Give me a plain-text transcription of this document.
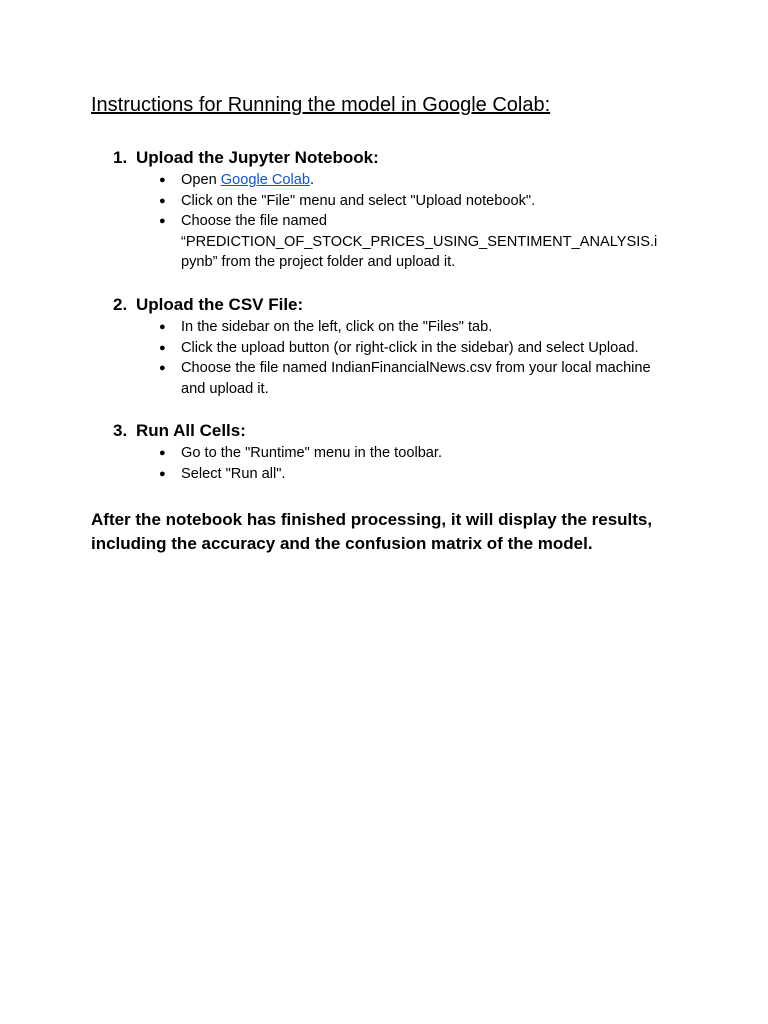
Instructions for Running the model in Google Colab:
1. Upload the Jupyter Notebook:
● Open Google Colab.
● Click on the "File" menu and select "Upload notebook".
● Choose the file named
“PREDICTION_OF_STOCK_PRICES_USING_SENTIMENT_ANALYSIS.i
pynb” from the project folder and upload it.
2. Upload the CSV File:
● In the sidebar on the left, click on the "Files" tab.
● Click the upload button (or right-click in the sidebar) and select Upload.
● Choose the file named IndianFinancialNews.csv from your local machine and upload it.
3. Run All Cells:
● Go to the "Runtime" menu in the toolbar.
● Select "Run all".

After the notebook has finished processing, it will display the results, including the accuracy and the confusion matrix of the model.
